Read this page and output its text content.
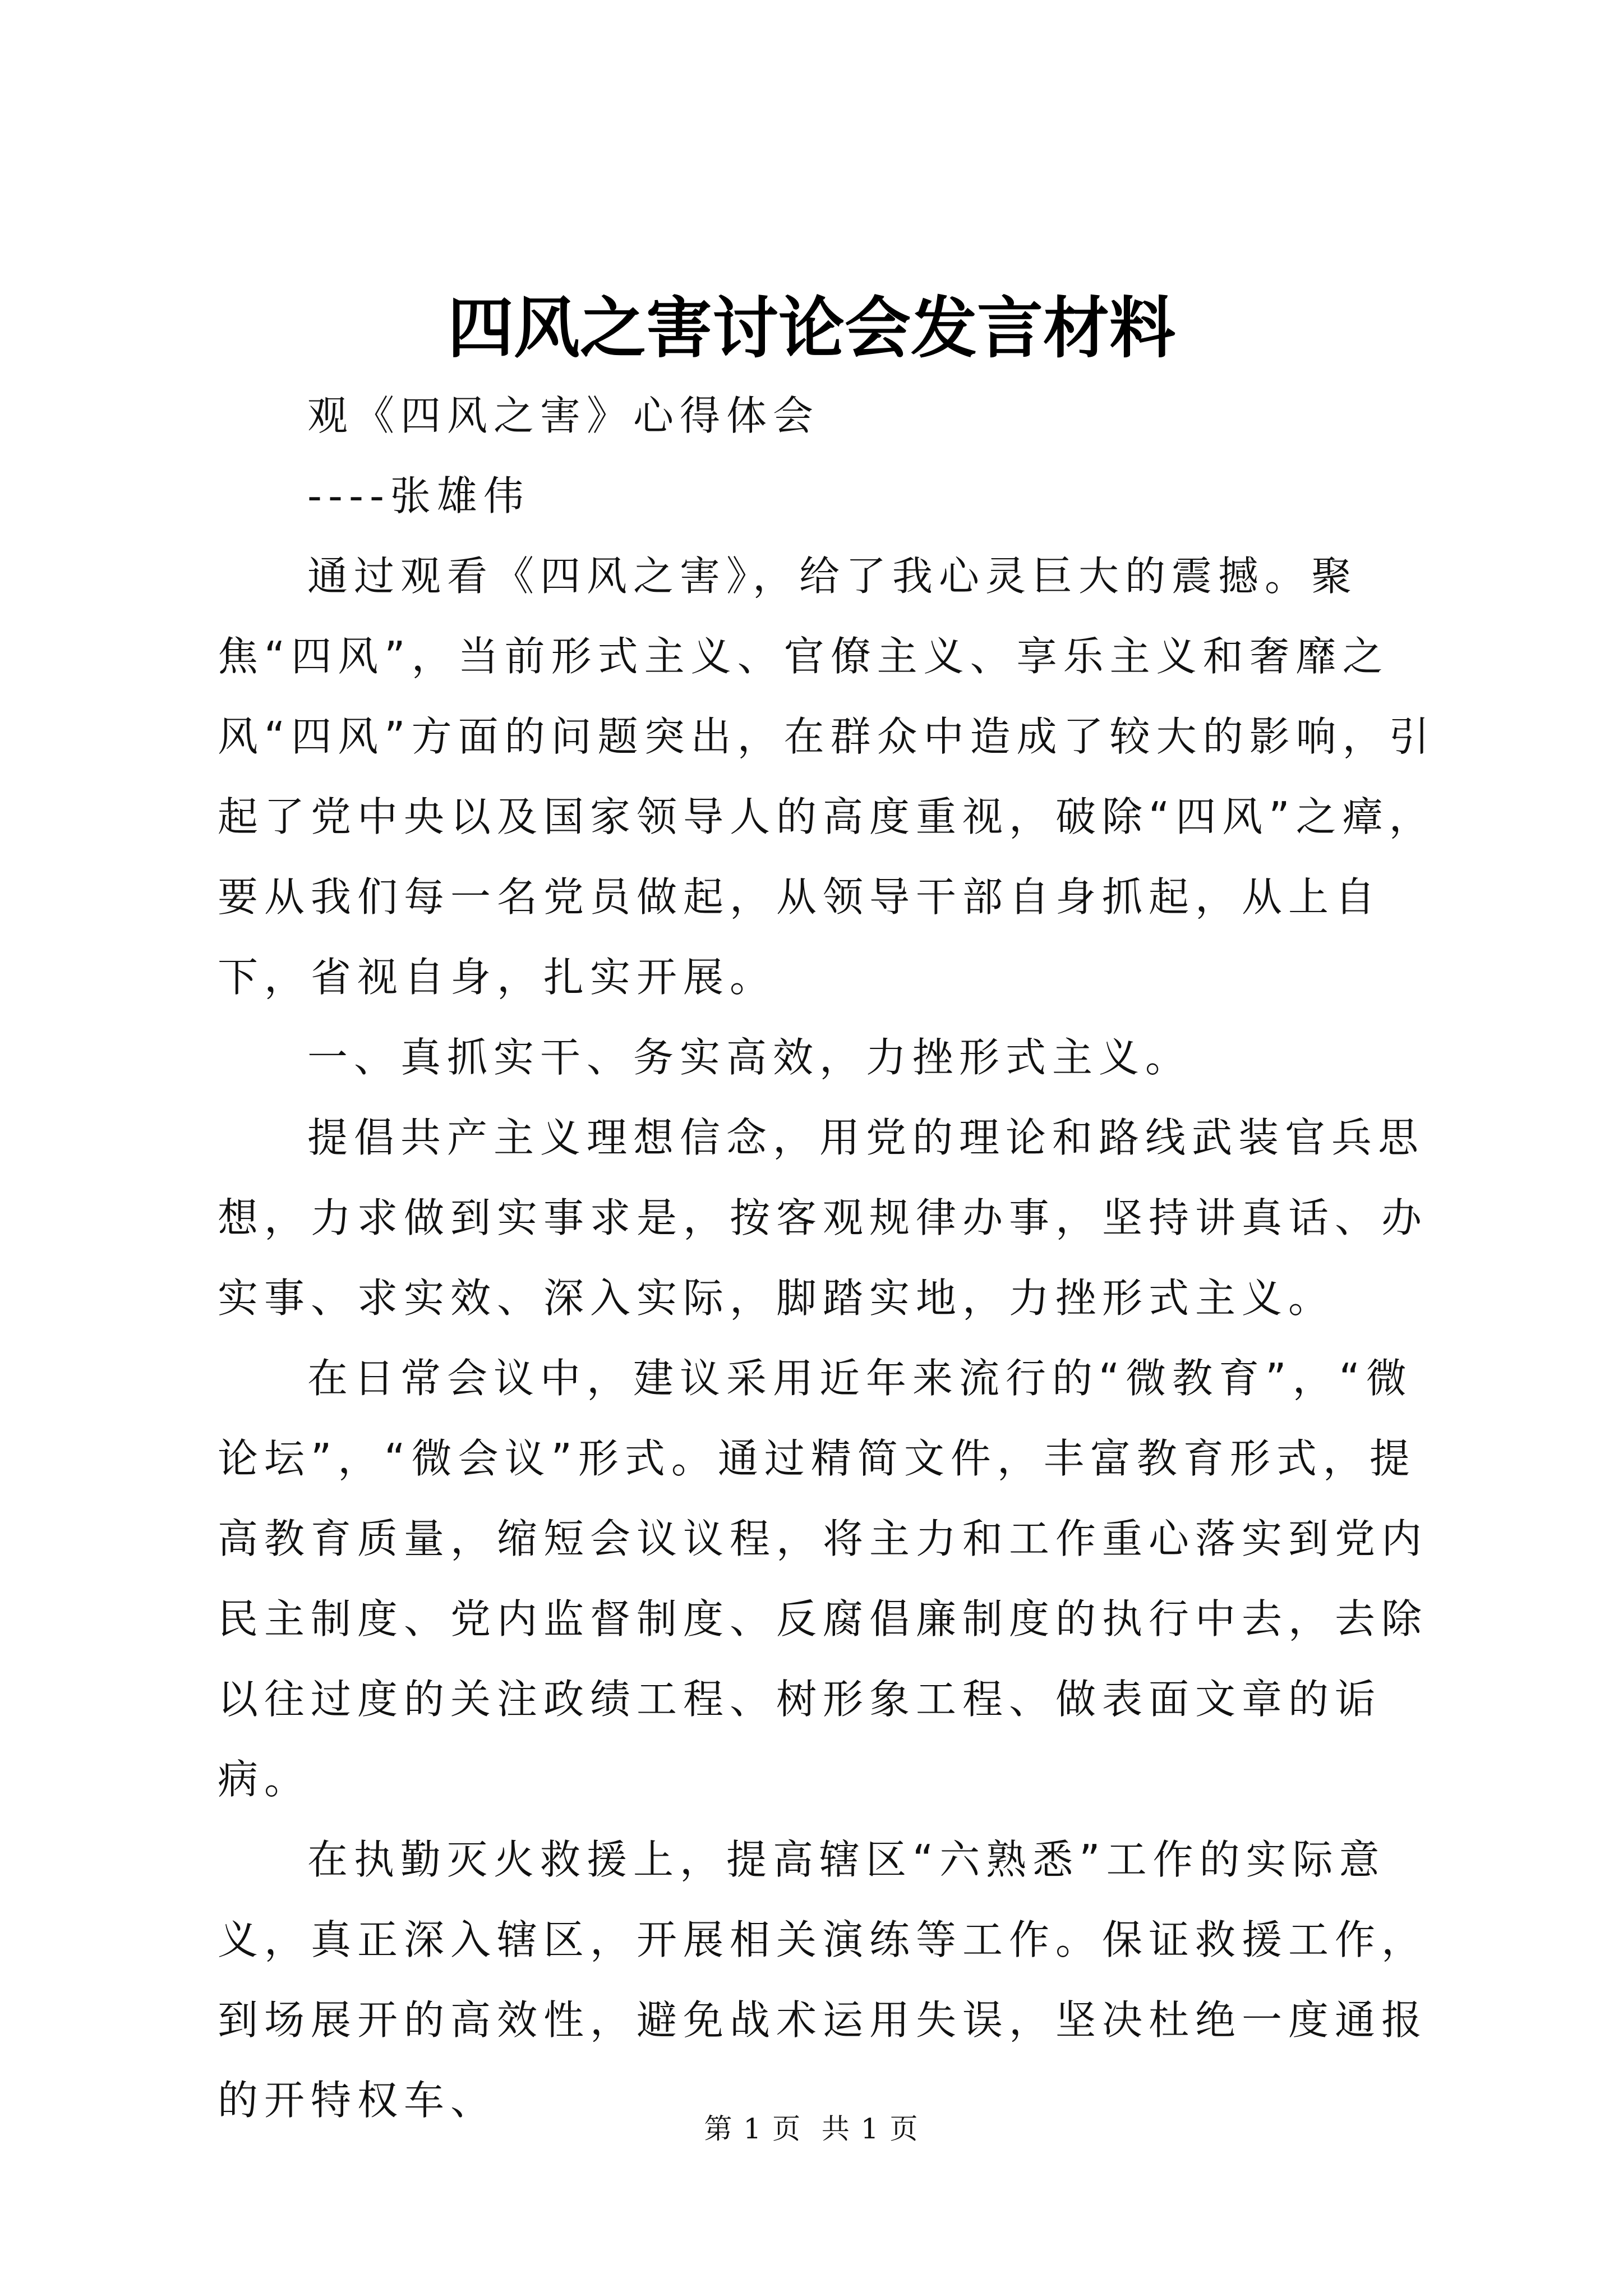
四风之害讨论会发言材料

观《四风之害》心得体会

----张雄伟

通过观看《四风之害》，给了我心灵巨大的震撼。聚焦“四风”，当前形式主义、官僚主义、享乐主义和奢靡之风“四风”方面的问题突出，在群众中造成了较大的影响，引起了党中央以及国家领导人的高度重视，破除“四风”之瘴，要从我们每一名党员做起，从领导干部自身抓起，从上自下，省视自身，扎实开展。

一、真抓实干、务实高效，力挫形式主义。

提倡共产主义理想信念，用党的理论和路线武装官兵思想，力求做到实事求是，按客观规律办事，坚持讲真话、办实事、求实效、深入实际，脚踏实地，力挫形式主义。

在日常会议中，建议采用近年来流行的“微教育”，“微论坛”，“微会议”形式。通过精简文件，丰富教育形式，提高教育质量，缩短会议议程，将主力和工作重心落实到党内民主制度、党内监督制度、反腐倡廉制度的执行中去，去除以往过度的关注政绩工程、树形象工程、做表面文章的诟病。

在执勤灭火救援上，提高辖区“六熟悉”工作的实际意义，真正深入辖区，开展相关演练等工作。保证救援工作，到场展开的高效性，避免战术运用失误，坚决杜绝一度通报的开特权车、

第 1 页  共 1 页
